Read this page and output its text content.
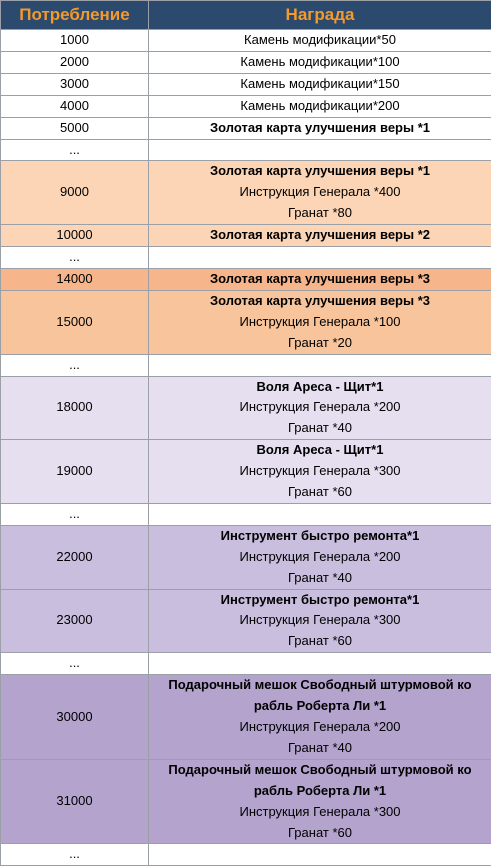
Потребление	Награда
1000	Камень модификации*50

2000	Камень модификации*100

3000	Камень модификации*150

4000	Камень модификации*200

5000	Золотая карта улучшения веры *1

...	
9000	Золотая карта улучшения веры *1
Инструкция Генерала *400
Гранат *80

10000	Золотая карта улучшения веры *2

...	
14000	Золотая карта улучшения веры *3

15000	Золотая карта улучшения веры *3
Инструкция Генерала *100
Гранат *20

...	
18000	Воля Ареса - Щит*1
Инструкция Генерала *200
Гранат *40

19000	Воля Ареса - Щит*1
Инструкция Генерала *300
Гранат *60

...	
22000	Инструмент быстро ремонта*1
Инструкция Генерала *200
Гранат *40

23000	Инструмент быстро ремонта*1
Инструкция Генерала *300
Гранат *60

...	
30000	Подарочный мешок Свободный штурмовой ко
рабль Роберта Ли *1
Инструкция Генерала *200
Гранат *40

31000	Подарочный мешок Свободный штурмовой ко
рабль Роберта Ли *1
Инструкция Генерала *300
Гранат *60

...	
